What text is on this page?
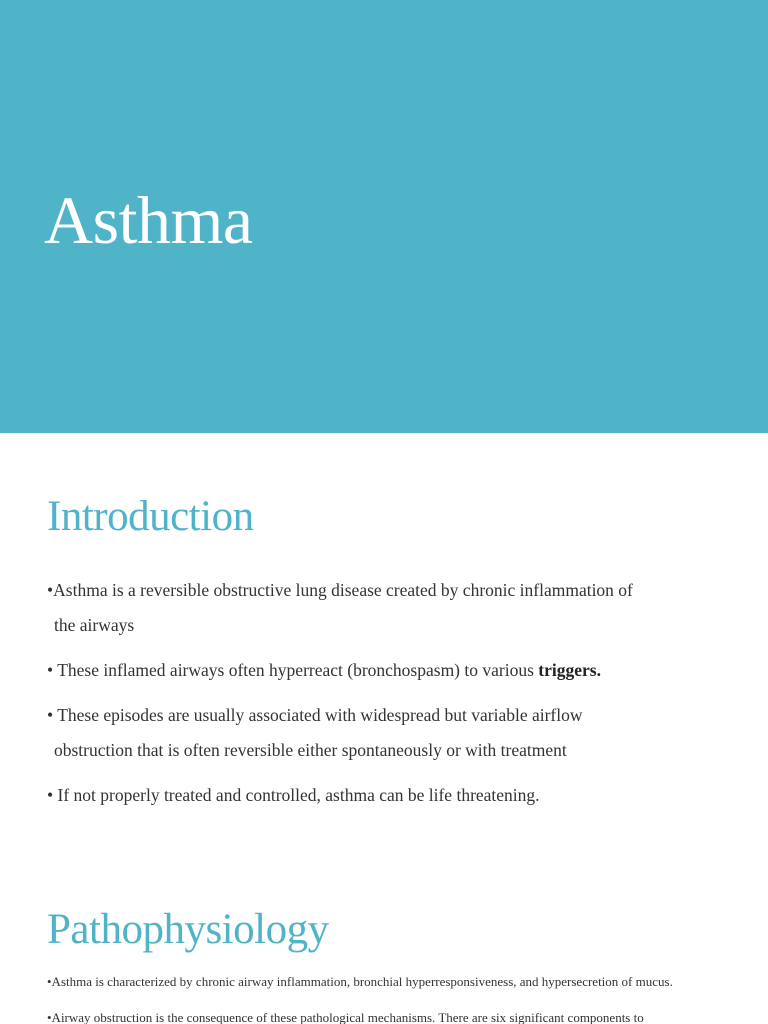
Asthma
Introduction
•Asthma is a reversible obstructive lung disease created by chronic inflammation of
the airways
• These inflamed airways often hyperreact (bronchospasm) to various triggers.
• These episodes are usually associated with widespread but variable airflow
obstruction that is often reversible either spontaneously or with treatment
• If not properly treated and controlled, asthma can be life threatening.
Pathophysiology
•Asthma is characterized by chronic airway inflammation, bronchial hyperresponsiveness, and hypersecretion of mucus.
•Airway obstruction is the consequence of these pathological mechanisms. There are six significant components to
